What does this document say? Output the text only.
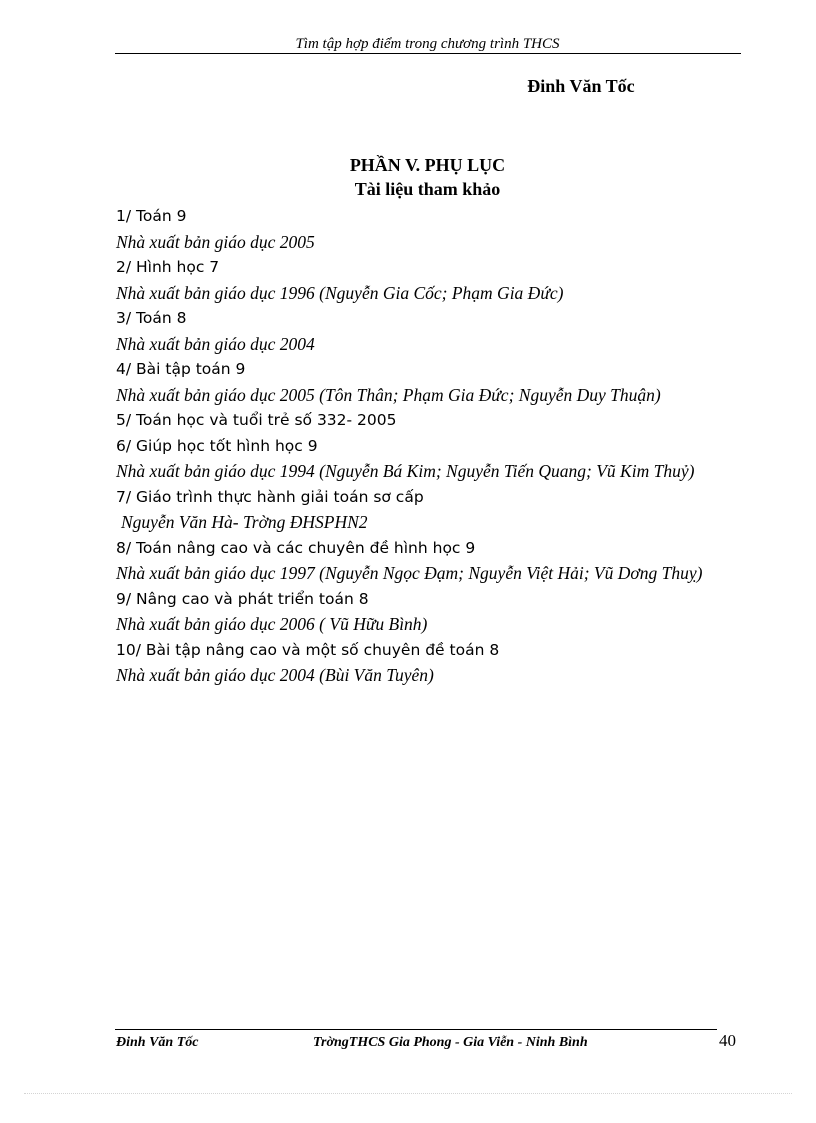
Tìm tập hợp điểm trong chương trình THCS
Đinh Văn Tốc
PHẦN V. PHỤ LỤC
Tài liệu tham khảo
1/ Toán 9
Nhà xuất bản giáo dục 2005
2/ Hình học 7
Nhà xuất bản giáo dục 1996 (Nguyễn Gia Cốc; Phạm Gia Đức)
3/ Toán 8
Nhà xuất bản giáo dục 2004
4/ Bài tập toán 9
Nhà xuất bản giáo dục 2005 (Tôn Thân; Phạm Gia Đức; Nguyễn Duy Thuận)
5/ Toán học và tuổi trẻ số 332- 2005
6/ Giúp học tốt hình học 9
Nhà xuất bản giáo dục 1994 (Nguyễn Bá Kim; Nguyễn Tiến Quang; Vũ Kim Thuỷ)
7/ Giáo trình thực hành giải toán sơ cấp
Nguyễn Văn Hà- Trờng ĐHSPHN2
8/ Toán nâng cao và các chuyên đề hình học 9
Nhà xuất bản giáo dục 1997 (Nguyễn Ngọc Đạm; Nguyễn Việt Hải; Vũ Dơng Thuỵ)
9/ Nâng cao và phát triển toán 8
Nhà xuất bản giáo dục 2006 ( Vũ Hữu Bình)
10/ Bài tập nâng cao và một số chuyên đề toán 8
Nhà xuất bản giáo dục 2004 (Bùi Văn Tuyên)
Đinh Văn Tốc	TrờngTHCS Gia Phong - Gia Viễn - Ninh Bình	40
